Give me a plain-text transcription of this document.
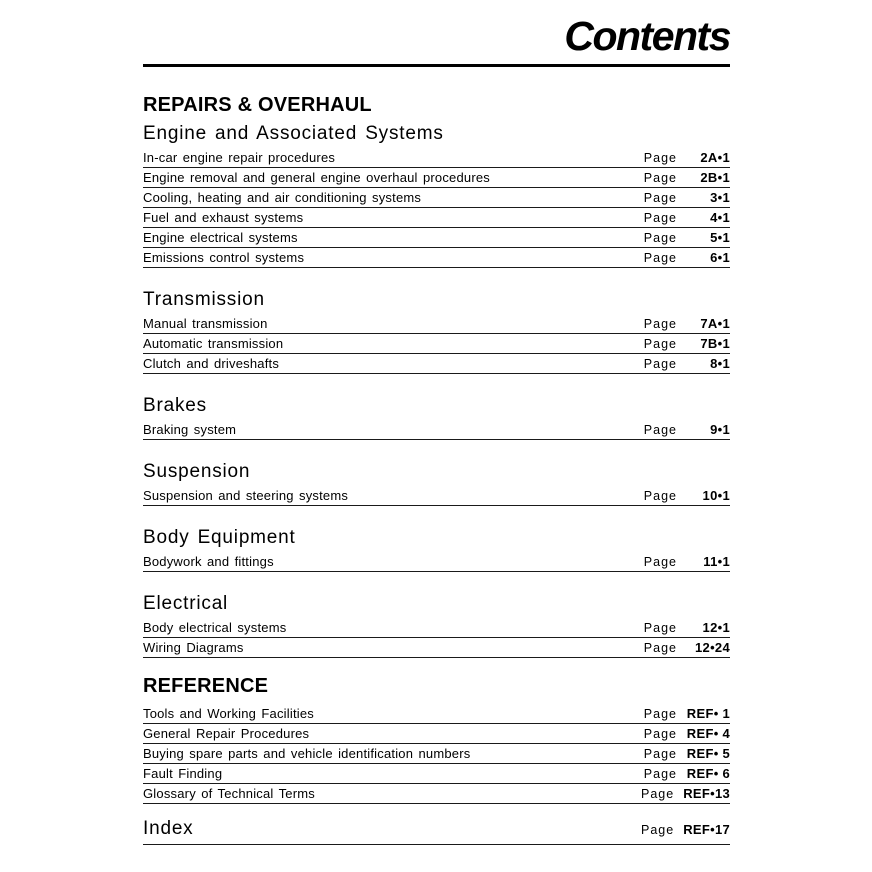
Contents
REPAIRS & OVERHAUL
Engine and Associated Systems
In-car engine repair procedures	Page	2A•1
Engine removal and general engine overhaul procedures	Page	2B•1
Cooling, heating and air conditioning systems	Page	3•1
Fuel and exhaust systems	Page	4•1
Engine electrical systems	Page	5•1
Emissions control systems	Page	6•1
Transmission
Manual transmission	Page	7A•1
Automatic transmission	Page	7B•1
Clutch and driveshafts	Page	8•1
Brakes
Braking system	Page	9•1
Suspension
Suspension and steering systems	Page	10•1
Body Equipment
Bodywork and fittings	Page	11•1
Electrical
Body electrical systems	Page	12•1
Wiring Diagrams	Page	12•24
REFERENCE
Tools and Working Facilities	Page REF• 1
General Repair Procedures	Page REF• 4
Buying spare parts and vehicle identification numbers	Page REF• 5
Fault Finding	Page REF• 6
Glossary of Technical Terms	Page REF•13
Index	Page REF•17
